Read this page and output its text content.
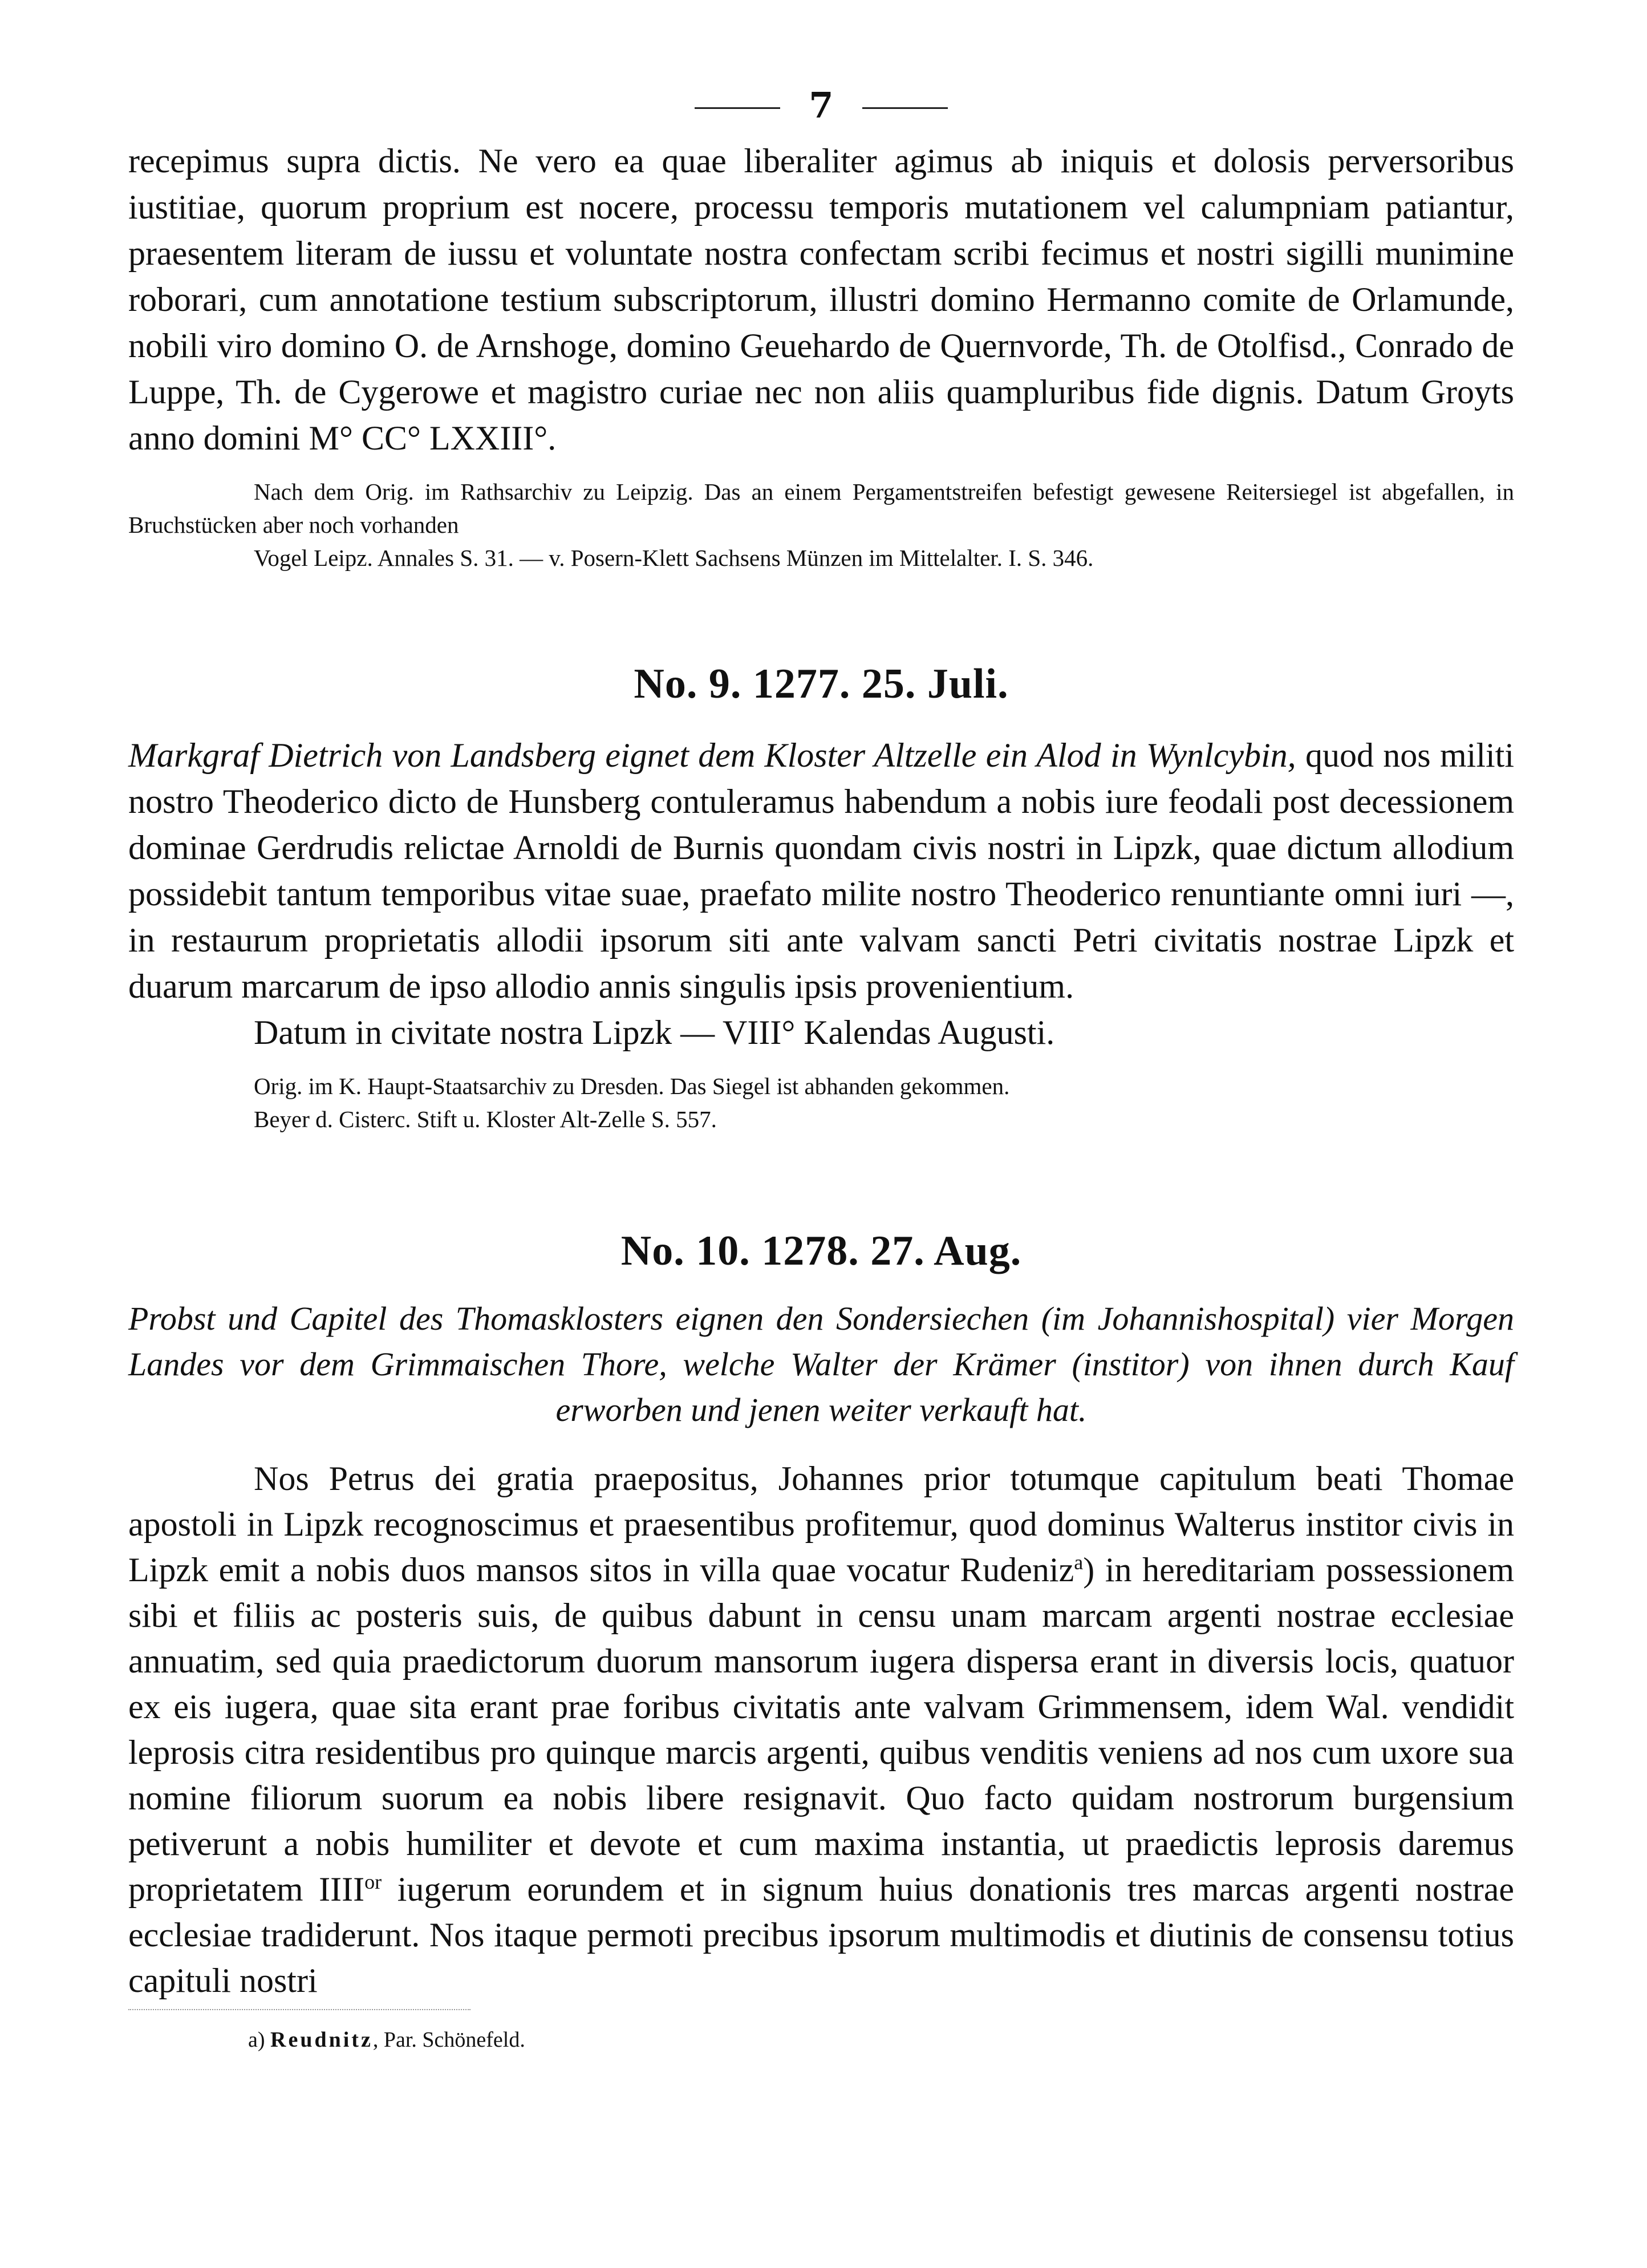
7

recepimus supra dictis. Ne vero ea quae liberaliter agimus ab iniquis et dolosis perversoribus iustitiae, quorum proprium est nocere, processu temporis mutationem vel calumpniam patiantur, praesentem literam de iussu et voluntate nostra confectam scribi fecimus et nostri sigilli munimine roborari, cum annotatione testium subscriptorum, illustri domino Hermanno comite de Orlamunde, nobili viro domino O. de Arnshoge, domino Geuehardo de Quernvorde, Th. de Otolfisd., Conrado de Luppe, Th. de Cygerowe et magistro curiae nec non aliis quampluribus fide dignis. Datum Groyts anno domini M° CC° LXXIII°.

Nach dem Orig. im Rathsarchiv zu Leipzig. Das an einem Pergamentstreifen befestigt gewesene Reitersiegel ist abgefallen, in Bruchstücken aber noch vorhanden

Vogel Leipz. Annales S. 31. — v. Posern-Klett Sachsens Münzen im Mittelalter. I. S. 346.

No. 9. 1277. 25. Juli.

Markgraf Dietrich von Landsberg eignet dem Kloster Altzelle ein Alod in Wynlcybin, quod nos militi nostro Theoderico dicto de Hunsberg contuleramus habendum a nobis iure feodali post decessionem dominae Gerdrudis relictae Arnoldi de Burnis quondam civis nostri in Lipzk, quae dictum allodium possidebit tantum temporibus vitae suae, praefato milite nostro Theoderico renuntiante omni iuri —, in restaurum proprietatis allodii ipsorum siti ante valvam sancti Petri civitatis nostrae Lipzk et duarum marcarum de ipso allodio annis singulis ipsis provenientium.

Datum in civitate nostra Lipzk — VIII° Kalendas Augusti.

Orig. im K. Haupt-Staatsarchiv zu Dresden. Das Siegel ist abhanden gekommen.

Beyer d. Cisterc. Stift u. Kloster Alt-Zelle S. 557.

No. 10. 1278. 27. Aug.

Probst und Capitel des Thomasklosters eignen den Sondersiechen (im Johannishospital) vier Morgen Landes vor dem Grimmaischen Thore, welche Walter der Krämer (institor) von ihnen durch Kauf erworben und jenen weiter verkauft hat.

Nos Petrus dei gratia praepositus, Johannes prior totumque capitulum beati Thomae apostoli in Lipzk recognoscimus et praesentibus profitemur, quod dominus Walterus institor civis in Lipzk emit a nobis duos mansos sitos in villa quae vocatur Rudeniz$^a$) in hereditariam possessionem sibi et filiis ac posteris suis, de quibus dabunt in censu unam marcam argenti nostrae ecclesiae annuatim, sed quia praedictorum duorum mansorum iugera dispersa erant in diversis locis, quatuor ex eis iugera, quae sita erant prae foribus civitatis ante valvam Grimmensem, idem Wal. vendidit leprosis citra residentibus pro quinque marcis argenti, quibus venditis veniens ad nos cum uxore sua nomine filiorum suorum ea nobis libere resignavit. Quo facto quidam nostrorum burgensium petiverunt a nobis humiliter et devote et cum maxima instantia, ut praedictis leprosis daremus proprietatem $IIII^{or}$ iugerum eorundem et in signum huius donationis tres marcas argenti nostrae ecclesiae tradiderunt. Nos itaque permoti precibus ipsorum multimodis et diutinis de consensu totius capituli nostri

a) Reudnitz, Par. Schönefeld.
